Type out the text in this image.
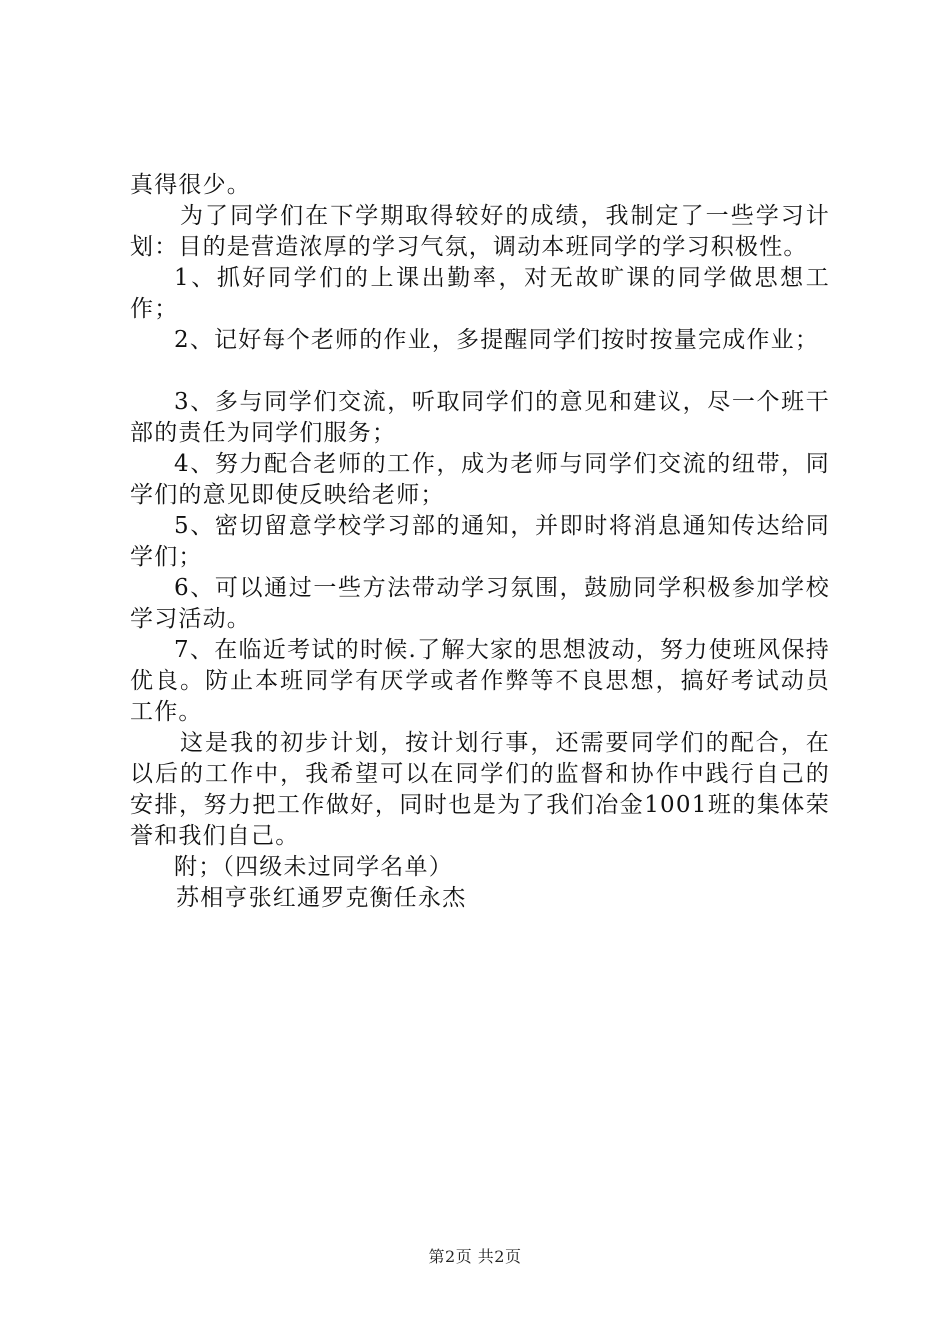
真得很少。

为了同学们在下学期取得较好的成绩，我制定了一些学习计划：目的是营造浓厚的学习气氛，调动本班同学的学习积极性。

1、抓好同学们的上课出勤率，对无故旷课的同学做思想工作；

2、记好每个老师的作业，多提醒同学们按时按量完成作业；

3、多与同学们交流，听取同学们的意见和建议，尽一个班干部的责任为同学们服务；

4、努力配合老师的工作，成为老师与同学们交流的纽带，同学们的意见即使反映给老师；

5、密切留意学校学习部的通知，并即时将消息通知传达给同学们；

6、可以通过一些方法带动学习氛围，鼓励同学积极参加学校学习活动。

7、在临近考试的时候.了解大家的思想波动，努力使班风保持优良。防止本班同学有厌学或者作弊等不良思想，搞好考试动员工作。

这是我的初步计划，按计划行事，还需要同学们的配合，在以后的工作中，我希望可以在同学们的监督和协作中践行自己的安排，努力把工作做好，同时也是为了我们冶金1001班的集体荣誉和我们自己。

附；（四级未过同学名单）

苏相亨张红通罗克衡任永杰

第2页 共2页
